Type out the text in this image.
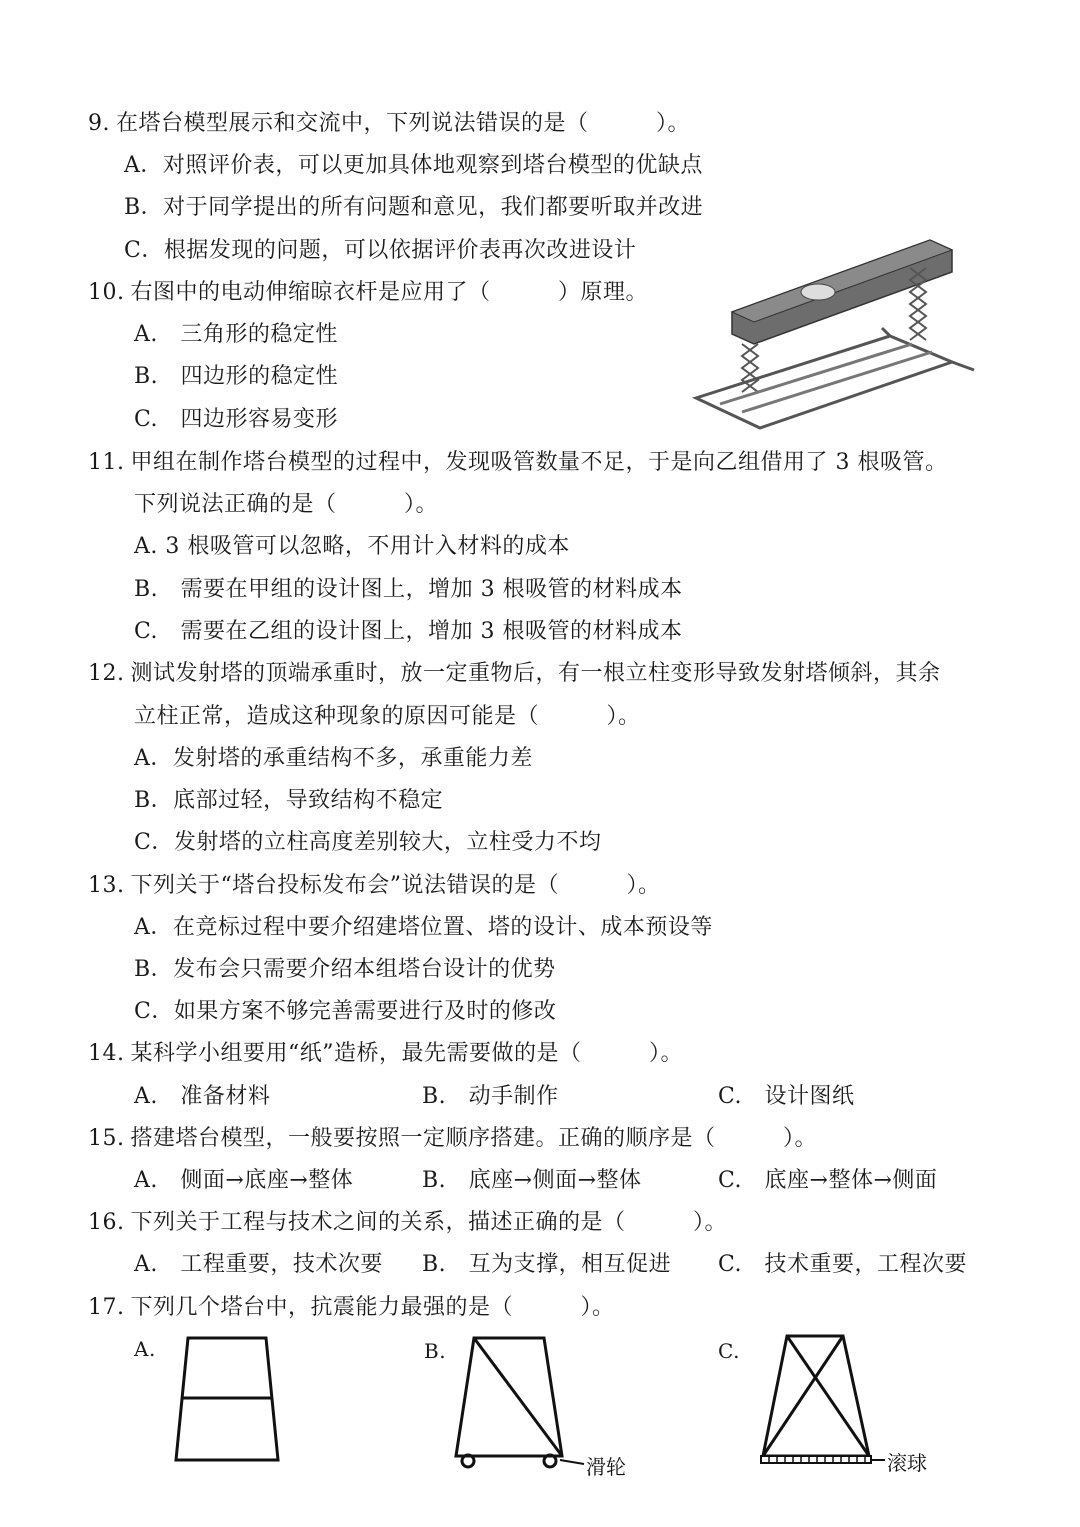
9. 在塔台模型展示和交流中，下列说法错误的是（　　　）。
A．对照评价表，可以更加具体地观察到塔台模型的优缺点
B．对于同学提出的所有问题和意见，我们都要听取并改进
C．根据发现的问题，可以依据评价表再次改进设计
10. 右图中的电动伸缩晾衣杆是应用了（　　　）原理。
A.　三角形的稳定性
B.　四边形的稳定性
C.　四边形容易变形
11. 甲组在制作塔台模型的过程中，发现吸管数量不足，于是向乙组借用了 3 根吸管。
下列说法正确的是（　　　）。
A. 3 根吸管可以忽略，不用计入材料的成本
B.　需要在甲组的设计图上，增加 3 根吸管的材料成本
C.　需要在乙组的设计图上，增加 3 根吸管的材料成本
12. 测试发射塔的顶端承重时，放一定重物后，有一根立柱变形导致发射塔倾斜，其余
立柱正常，造成这种现象的原因可能是（　　　）。
A．发射塔的承重结构不多，承重能力差
B．底部过轻，导致结构不稳定
C．发射塔的立柱高度差别较大，立柱受力不均
13. 下列关于“塔台投标发布会”说法错误的是（　　　）。
A．在竞标过程中要介绍建塔位置、塔的设计、成本预设等
B．发布会只需要介绍本组塔台设计的优势
C．如果方案不够完善需要进行及时的修改
14. 某科学小组要用“纸”造桥，最先需要做的是（　　　）。
A.　准备材料	B.　动手制作	C.　设计图纸
15. 搭建塔台模型，一般要按照一定顺序搭建。正确的顺序是（　　　）。
A.　侧面→底座→整体	B.　底座→侧面→整体	C.　底座→整体→侧面
16. 下列关于工程与技术之间的关系，描述正确的是（　　　）。
A.　工程重要，技术次要 B.　互为支撑，相互促进 C.　技术重要，工程次要
17. 下列几个塔台中，抗震能力最强的是（　　　）。
A.	B.	C.
滑轮	滚球
